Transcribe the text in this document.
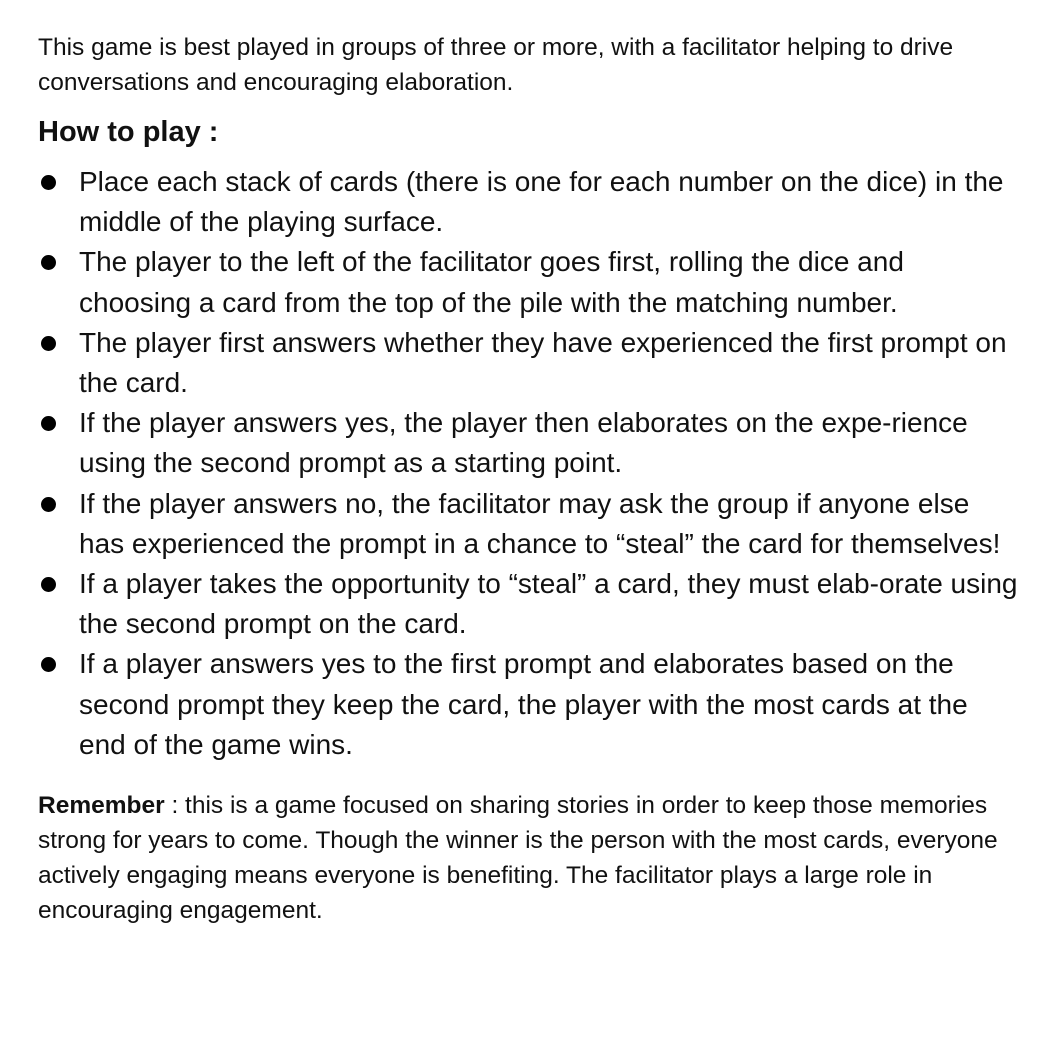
This game is best played in groups of three or more, with a facilitator helping to drive conversations and encouraging elaboration.

How to play :
Place each stack of cards (there is one for each number on the dice) in the middle of the playing surface.
The player to the left of the facilitator goes first, rolling the dice and choosing a card from the top of the pile with the matching number.
The player first answers whether they have experienced the first prompt on the card.
If the player answers yes, the player then elaborates on the expe-rience using the second prompt as a starting point.
If the player answers no, the facilitator may ask the group if anyone else has experienced the prompt in a chance to “steal” the card for themselves!
If a player takes the opportunity to “steal” a card, they must elab-orate using the second prompt on the card.
If a player answers yes to the first prompt and elaborates based on the second prompt they keep the card, the player with the most cards at the end of the game wins.

Remember : this is a game focused on sharing stories in order to keep those memories strong for years to come. Though the winner is the person with the most cards, everyone actively engaging means everyone is benefiting. The facilitator plays a large role in encouraging engagement.
